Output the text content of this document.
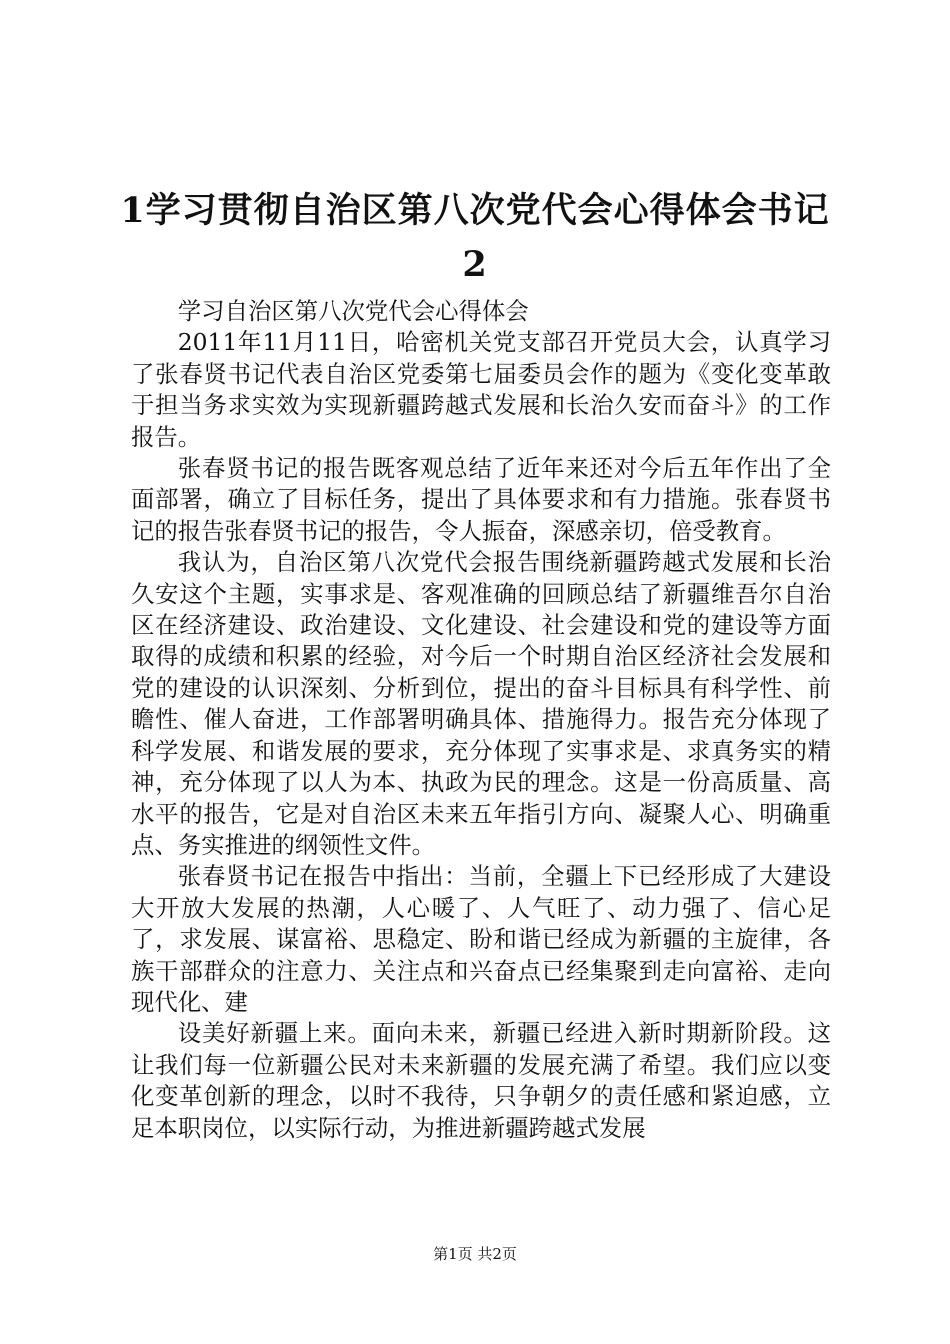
1学习贯彻自治区第八次党代会心得体会书记2

学习自治区第八次党代会心得体会

2011年11月11日，哈密机关党支部召开党员大会，认真学习了张春贤书记代表自治区党委第七届委员会作的题为《变化变革敢于担当务求实效为实现新疆跨越式发展和长治久安而奋斗》的工作报告。

张春贤书记的报告既客观总结了近年来还对今后五年作出了全面部署，确立了目标任务，提出了具体要求和有力措施。张春贤书记的报告张春贤书记的报告，令人振奋，深感亲切，倍受教育。

我认为，自治区第八次党代会报告围绕新疆跨越式发展和长治久安这个主题，实事求是、客观准确的回顾总结了新疆维吾尔自治区在经济建设、政治建设、文化建设、社会建设和党的建设等方面取得的成绩和积累的经验，对今后一个时期自治区经济社会发展和党的建设的认识深刻、分析到位，提出的奋斗目标具有科学性、前瞻性、催人奋进，工作部署明确具体、措施得力。报告充分体现了科学发展、和谐发展的要求，充分体现了实事求是、求真务实的精神，充分体现了以人为本、执政为民的理念。这是一份高质量、高水平的报告，它是对自治区未来五年指引方向、凝聚人心、明确重点、务实推进的纲领性文件。

张春贤书记在报告中指出：当前，全疆上下已经形成了大建设大开放大发展的热潮，人心暖了、人气旺了、动力强了、信心足了，求发展、谋富裕、思稳定、盼和谐已经成为新疆的主旋律，各族干部群众的注意力、关注点和兴奋点已经集聚到走向富裕、走向现代化、建

设美好新疆上来。面向未来，新疆已经进入新时期新阶段。这让我们每一位新疆公民对未来新疆的发展充满了希望。我们应以变化变革创新的理念，以时不我待，只争朝夕的责任感和紧迫感，立足本职岗位，以实际行动，为推进新疆跨越式发展

第1页 共2页
